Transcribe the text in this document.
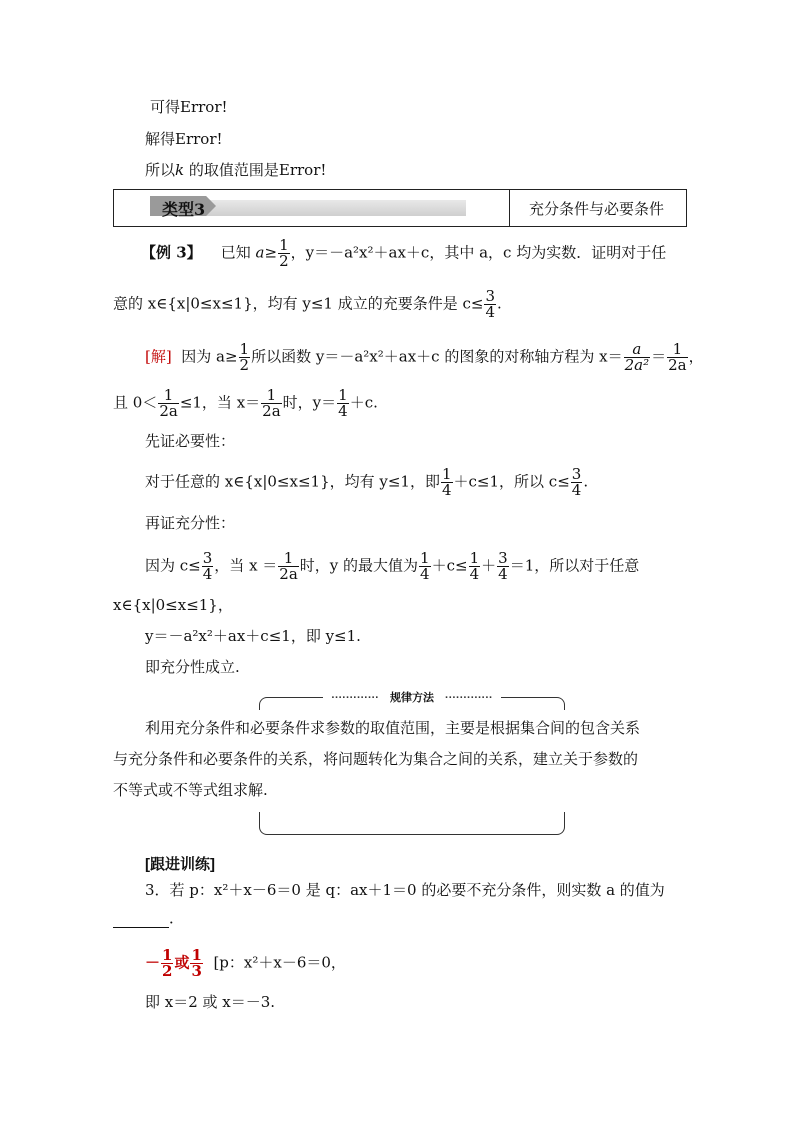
可得Error!
解得Error!
所以k 的取值范围是Error!
类型3	充分条件与必要条件
【例 3】 已知 $a\ge \frac{1}{2}$ ，y＝－a²x²＋ax＋c，其中 a，c 均为实数．证明对于任
意的 x∈{x|0≤x≤1}，均有 y≤1 成立的充要条件是 $c\le \frac{3}{4}$ .
[解] 因为 $a\ge \frac{1}{2}$ 所以函数 y＝－a²x²＋ax＋c 的图象的对称轴方程为 $x= \frac{a}{\text{2a²}} = \frac{1}{2a}$ ，
且 $0< \frac{1}{2a} \le 1$，当 $x= \frac{1}{2a}$ 时，$y= \frac{1}{4} +c$.
先证必要性：
对于任意的 x∈{x|0≤x≤1}，均有 y≤1，即 $\frac{1}{4} +c\le 1$，所以 $c\le \frac{3}{4}$ .
再证充分性：
因为 $c\le \frac{3}{4}$ ，当 $x = \frac{1}{2a}$ 时，y 的最大值为 $\frac{1}{4} +c\le \frac{1}{4} + \frac{3}{4} =1$，所以对于任意
x∈{x|0≤x≤1}，
y＝－a²x²＋ax＋c≤1，即 y≤1.
即充分性成立.
············· 规律方法 ·············
利用充分条件和必要条件求参数的取值范围，主要是根据集合间的包含关系
与充分条件和必要条件的关系，将问题转化为集合之间的关系，建立关于参数的
不等式或不等式组求解.
[跟进训练]
3．若 p：x²＋x－6＝0 是 q：ax＋1＝0 的必要不充分条件，则实数 a 的值为
．
－ $\frac{1}{2}$ 或 $\frac{1}{3} [p$：x²＋x－6＝0，
即 x＝2 或 x＝－3.
